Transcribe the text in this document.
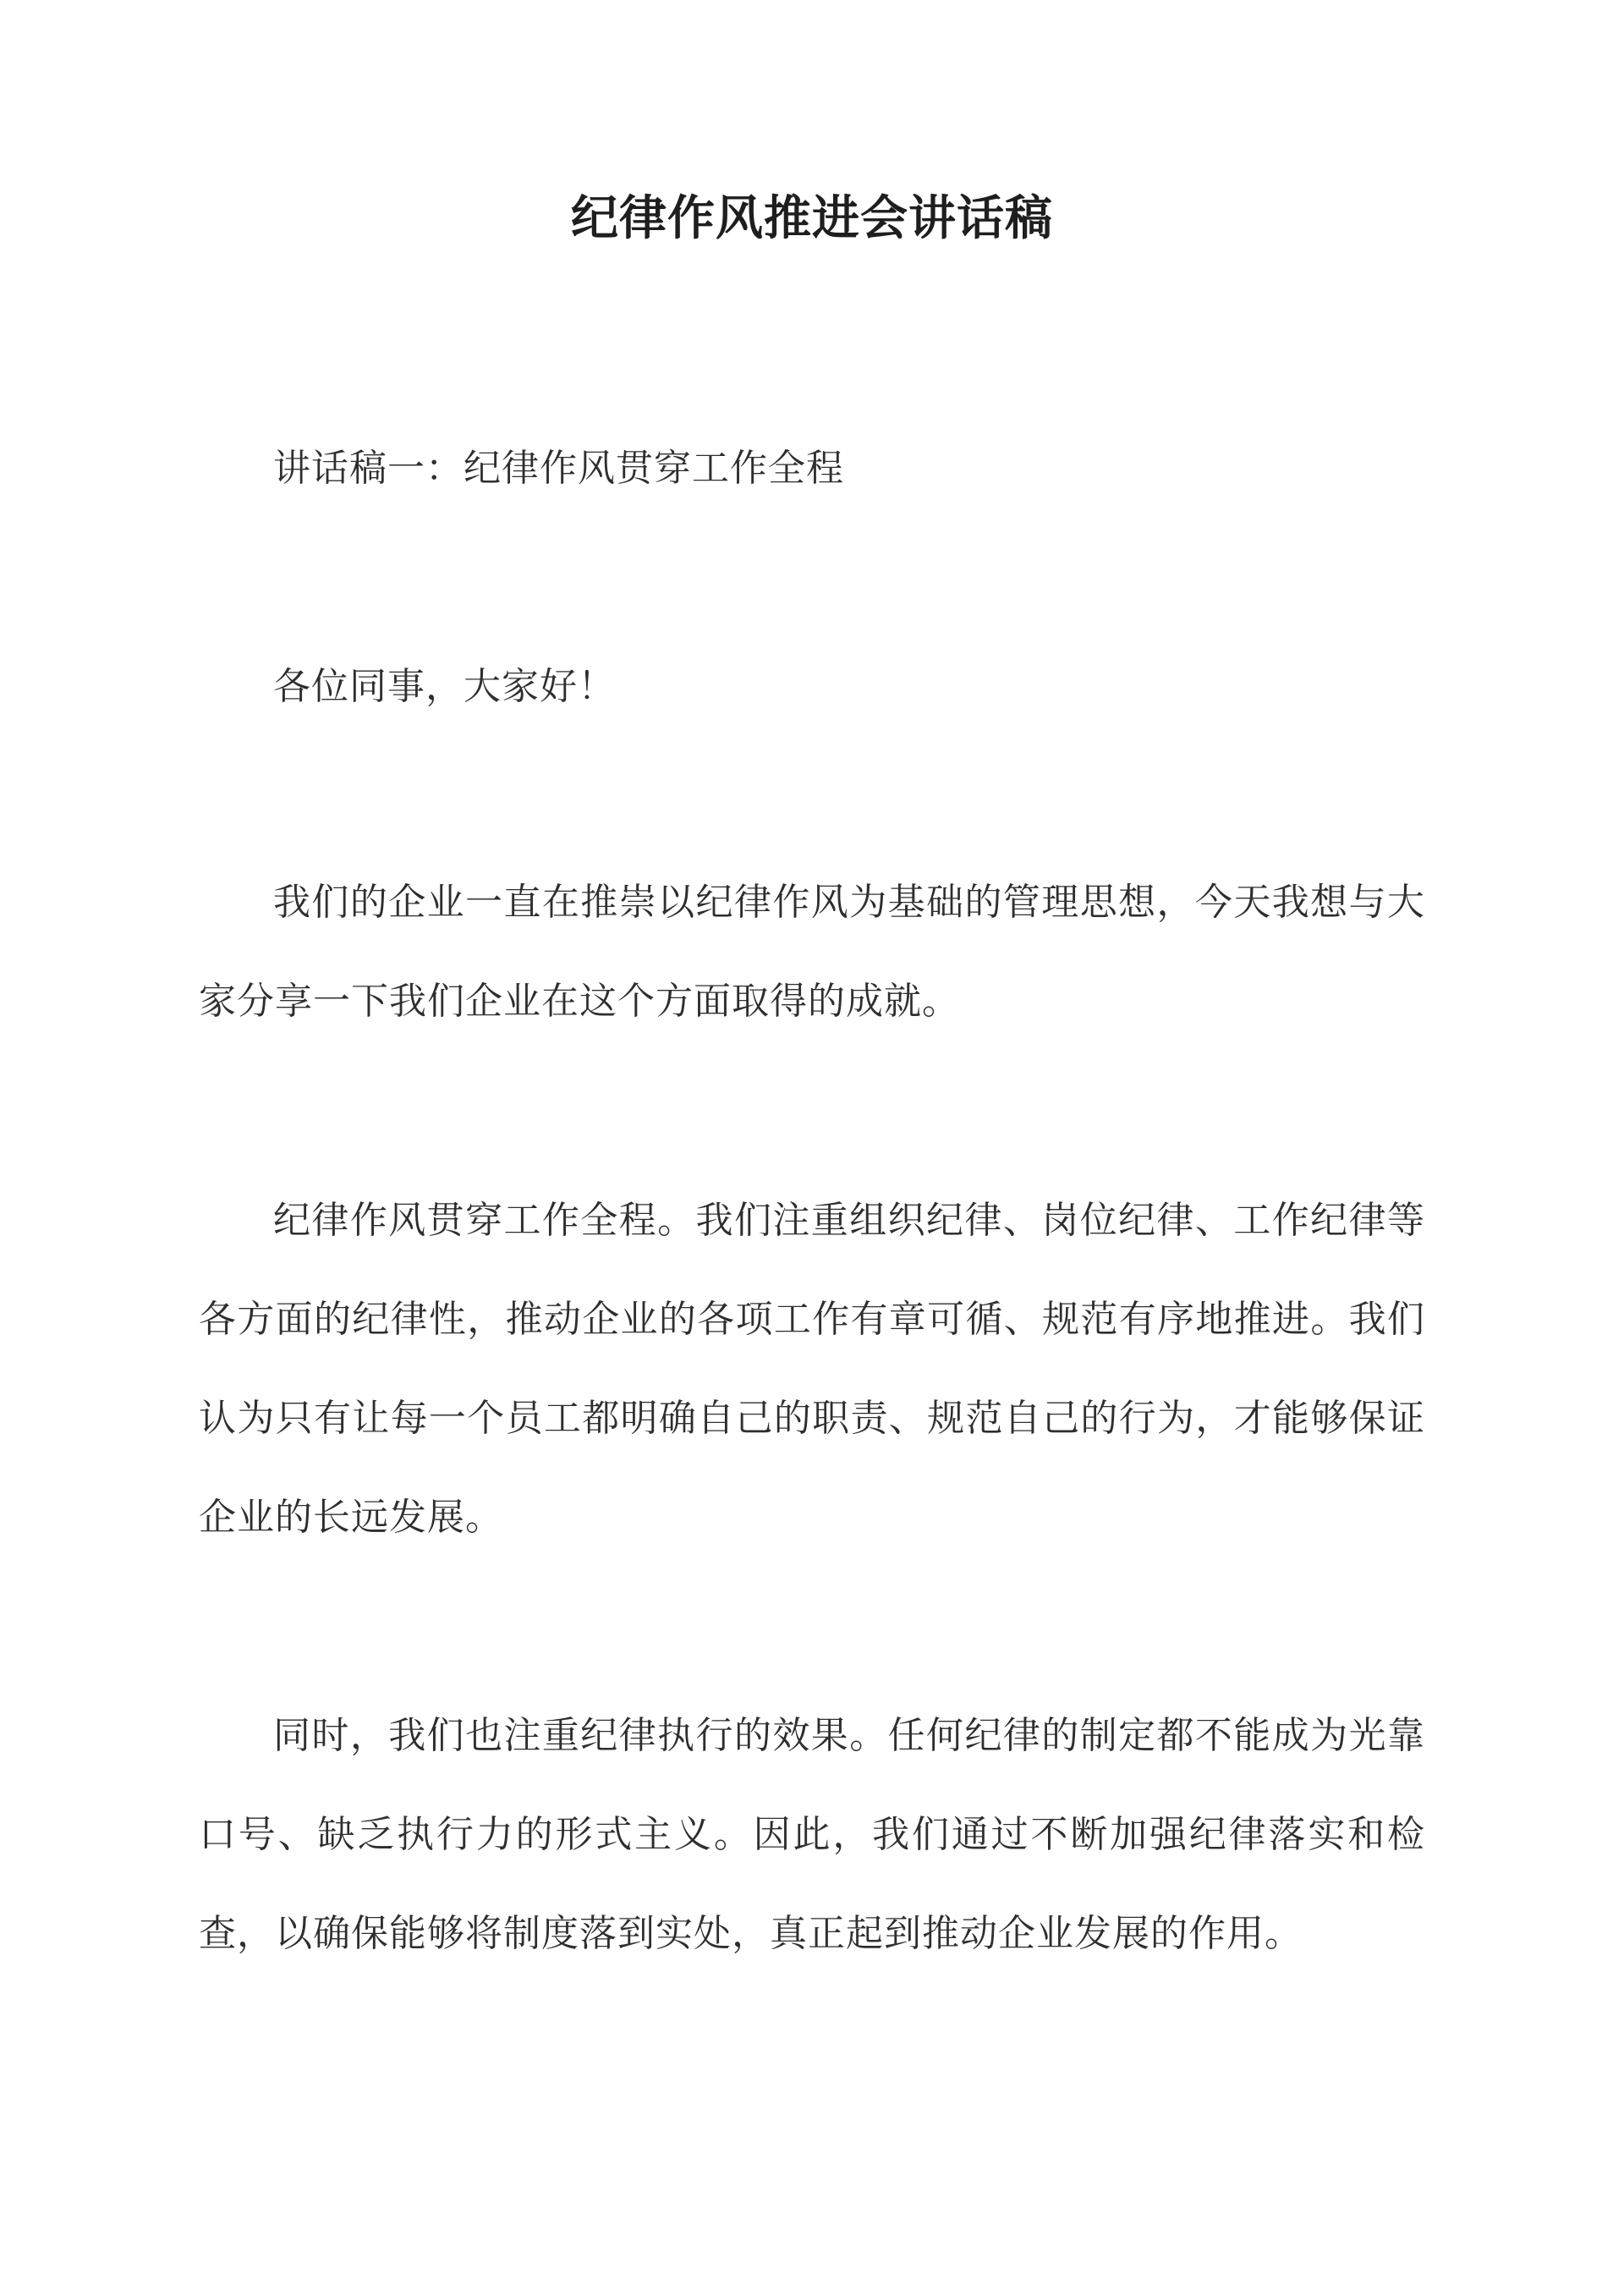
纪律作风推进会讲话稿

讲话稿一：纪律作风贯穿工作全程

各位同事，大家好！

我们的企业一直在推崇以纪律作风为基础的管理思想，今天我想与大家分享一下我们企业在这个方面取得的成就。

纪律作风贯穿工作全程。我们注重组织纪律、岗位纪律、工作纪律等各方面的纪律性，推动企业的各项工作有章可循、规范有序地推进。我们认为只有让每一个员工都明确自己的职责、规范自己的行为，才能够保证企业的长远发展。

同时，我们也注重纪律执行的效果。任何纪律的制定都不能成为光靠口号、缺乏执行力的形式主义。因此，我们通过不断加强纪律落实和检查，以确保能够将制度落到实处，真正起到推动企业发展的作用。
